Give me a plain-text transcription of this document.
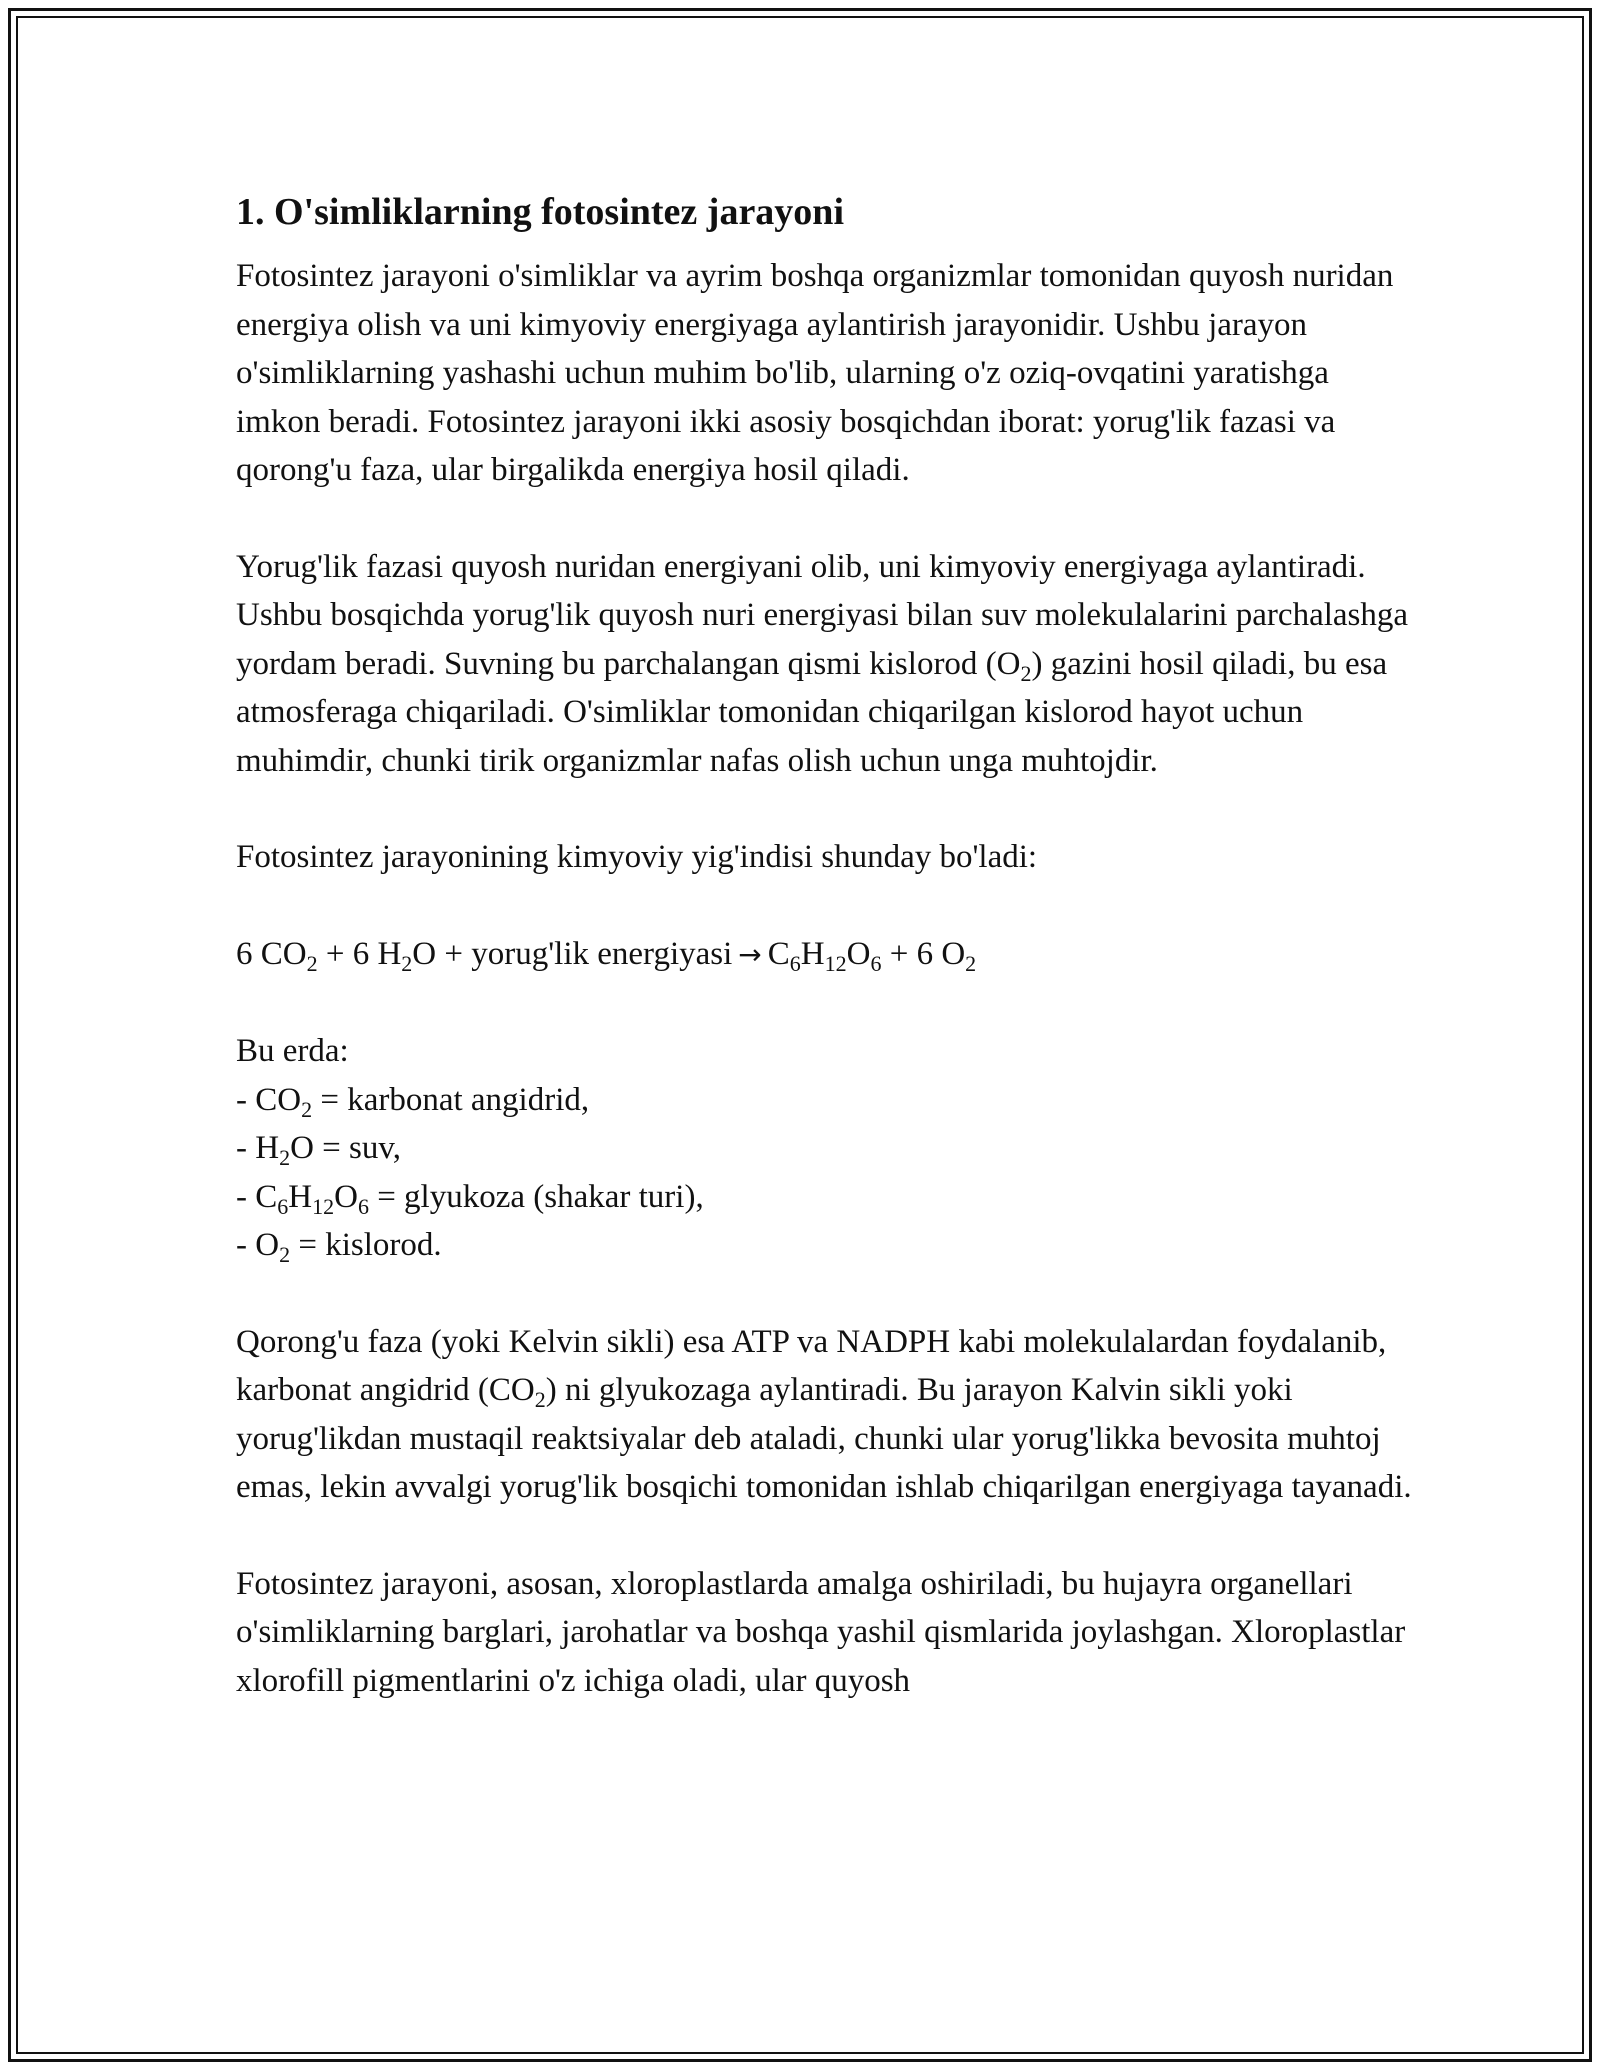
1. O'simliklarning fotosintez jarayoni

Fotosintez jarayoni o'simliklar va ayrim boshqa organizmlar tomonidan quyosh nuridan energiya olish va uni kimyoviy energiyaga aylantirish jarayonidir. Ushbu jarayon o'simliklarning yashashi uchun muhim bo'lib, ularning o'z oziq-ovqatini yaratishga imkon beradi. Fotosintez jarayoni ikki asosiy bosqichdan iborat: yorug'lik fazasi va qorong'u faza, ular birgalikda energiya hosil qiladi.

Yorug'lik fazasi quyosh nuridan energiyani olib, uni kimyoviy energiyaga aylantiradi. Ushbu bosqichda yorug'lik quyosh nuri energiyasi bilan suv molekulalarini parchalashga yordam beradi. Suvning bu parchalangan qismi kislorod $(O_2)$ gazini hosil qiladi, bu esa atmosferaga chiqariladi. O'simliklar tomonidan chiqarilgan kislorod hayot uchun muhimdir, chunki tirik organizmlar nafas olish uchun unga muhtojdir.

Fotosintez jarayonining kimyoviy yig'indisi shunday bo'ladi:

6 $CO_2 + 6$ $H_2O$ + yorug'lik energiyasi → $C_6H_{12}O_6 + 6$ $O_2$

Bu erda:
- $CO_2$ = karbonat angidrid,
- $H_2O$ = suv,
- $C_6H_{12}O_6$ = glyukoza (shakar turi),
- $O_2$ = kislorod.

Qorong'u faza (yoki Kelvin sikli) esa ATP va NADPH kabi molekulalardan foydalanib, karbonat angidrid $(CO_2)$ ni glyukozaga aylantiradi. Bu jarayon Kalvin sikli yoki yorug'likdan mustaqil reaktsiyalar deb ataladi, chunki ular yorug'likka bevosita muhtoj emas, lekin avvalgi yorug'lik bosqichi tomonidan ishlab chiqarilgan energiyaga tayanadi.

Fotosintez jarayoni, asosan, xloroplastlarda amalga oshiriladi, bu hujayra organellari o'simliklarning barglari, jarohatlar va boshqa yashil qismlarida joylashgan. Xloroplastlar xlorofill pigmentlarini o'z ichiga oladi, ular quyosh
